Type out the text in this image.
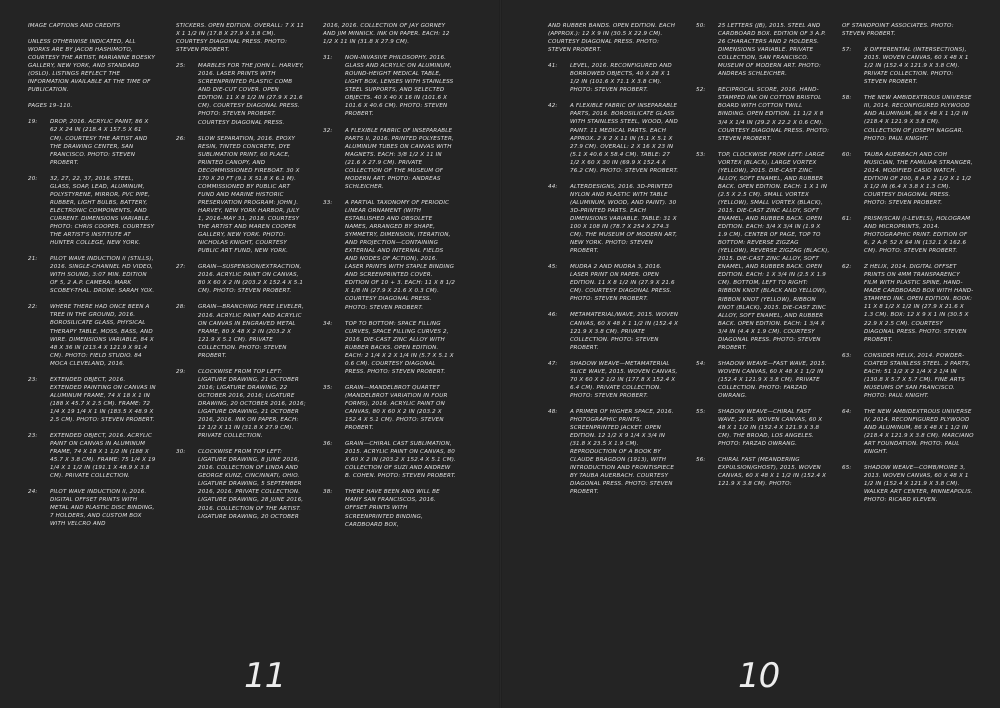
IMAGE CAPTIONS AND CREDITS
UNLESS OTHERWISE INDICATED, ALL WORKS ARE BY JACOB HASHIMOTO, COURTESY THE ARTIST, MARIANNE BOESKY GALLERY, NEW YORK, AND STANDARD (OSLO). LISTINGS REFLECT THE INFORMATION AVAILABLE AT THE TIME OF PUBLICATION.
PAGES 19–110.
19: DROP, 2016. ACRYLIC PAINT, 86 X 62 X 24 IN (218.4 X 157.5 X 61 CM). COURTESY THE ARTIST AND THE DRAWING CENTER, SAN FRANCISCO. PHOTO: STEVEN PROBERT.
20: 32, 27, 22, 37, 2016. STEEL, GLASS, SOAP, LEAD, ALUMINUM, POLYSTYRENE, MIRROR, PVC PIPE, RUBBER, LIGHT BULBS, BATTERY, ELECTRONIC COMPONENTS, AND CURRENT. DIMENSIONS VARIABLE. PHOTO: CHRIS COOPER. COURTESY THE ARTIST'S INSTITUTE AT HUNTER COLLEGE, NEW YORK.
21: PILOT WAVE INDUCTION II (STILLS), 2016. SINGLE-CHANNEL HD VIDEO, WITH SOUND, 3:07 MIN. EDITION OF 5, 2 A.P. CAMERA: MARK SCOBEY-THAL. DRONE: SARAH YOX.
22: WHERE THERE HAD ONCE BEEN A TREE IN THE GROUND, 2016. BOROSILICATE GLASS, PHYSICAL THERAPY TABLE, MOSS, BASS, AND WIRE. DIMENSIONS VARIABLE, 84 X 48 X 36 IN (213.4 X 121.9 X 91.4 CM). PHOTO: FIELD STUDIO. 84 MOCA CLEVELAND, 2016.
23: EXTENDED OBJECT, 2016. EXTENDED PAINTING ON CANVAS IN ALUMINUM FRAME, 74 X 18 X 1 IN (188 X 45.7 X 2.5 CM). FRAME: 72 1/4 X 19 1/4 X 1 IN (183.5 X 48.9 X 2.5 CM). PHOTO: STEVEN PROBERT.
23: EXTENDED OBJECT, 2016. ACRYLIC PAINT ON CANVAS IN ALUMINUM FRAME, 74 X 18 X 1 1/2 IN (188 X 45.7 X 3.8 CM). FRAME: 75 1/4 X 19 1/4 X 1 1/2 IN (191.1 X 48.9 X 3.8 CM). PRIVATE COLLECTION.
24: PILOT WAVE INDUCTION II, 2016. DIGITAL OFFSET PRINTS WITH METAL AND PLASTIC DISC BINDING, 7 HOLDERS, AND CUSTOM BOX WITH VELCRO AND
STICKERS. OPEN EDITION. OVERALL: 7 X 11 X 1 1/2 IN (17.8 X 27.9 X 3.8 CM). COURTESY DIAGONAL PRESS. PHOTO: STEVEN PROBERT.
25: MARBLES FOR THE JOHN L. HARVEY, 2016. LASER PRINTS WITH SCREENPRINTED PLASTIC COMB AND DIE-CUT COVER. OPEN EDITION. 11 X 8 1/2 IN (27.9 X 21.6 CM). COURTESY DIAGONAL PRESS. PHOTO: STEVEN PROBERT. COURTESY DIAGONAL PRESS.
26: SLOW SEPARATION, 2016. EPOXY RESIN, TINTED CONCRETE, DYE SUBLIMATION PRINT, 60 PLACE, PRINTED CANOPY, AND DECOMMISSIONED FIREBOAT. 30 X 170 X 20 FT (9.1 X 51.8 X 6.1 M). COMMISSIONED BY PUBLIC ART FUND AND MARINE HISTORIC PRESERVATION PROGRAM: JOHN J. HARVEY, NEW YORK HARBOR, JULY 1, 2016–MAY 31, 2018. COURTESY THE ARTIST AND MAREN COOPER GALLERY, NEW YORK. PHOTO: NICHOLAS KNIGHT, COURTESY PUBLIC ART FUND, NEW YORK.
27: GRAIN—SUSPENSION/EXTRACTION, 2016. ACRYLIC PAINT ON CANVAS, 80 X 60 X 2 IN (203.2 X 152.4 X 5.1 CM). PHOTO: STEVEN PROBERT.
28: GRAIN—BRANCHING FREE LEVELER, 2016. ACRYLIC PAINT AND ACRYLIC ON CANVAS IN ENGRAVED METAL FRAME, 80 X 48 X 2 IN (203.2 X 121.9 X 5.1 CM). PRIVATE COLLECTION. PHOTO: STEVEN PROBERT.
29: CLOCKWISE FROM TOP LEFT: LIGATURE DRAWING, 21 OCTOBER 2016; LIGATURE DRAWING, 22 OCTOBER 2016, 2016; LIGATURE DRAWING, 20 OCTOBER 2016, 2016; LIGATURE DRAWING, 21 OCTOBER 2016, 2016. INK ON PAPER, EACH: 12 1/2 X 11 IN (31.8 X 27.9 CM). PRIVATE COLLECTION.
30: CLOCKWISE FROM TOP LEFT: LIGATURE DRAWING, 8 JUNE 2016, 2016. COLLECTION OF LINDA AND GEORGE KUNZ, CINCINNATI, OHIO. LIGATURE DRAWING, 5 SEPTEMBER 2016, 2016. PRIVATE COLLECTION. LIGATURE DRAWING, 28 JUNE 2016, 2016. COLLECTION OF THE ARTIST. LIGATURE DRAWING, 20 OCTOBER
2016, 2016. COLLECTION OF JAY GORNEY AND JIM MINNICK. INK ON PAPER. EACH: 12 1/2 X 11 IN (31.8 X 27.9 CM).
31: NON-INVASIVE PHILOSOPHY, 2016. GLASS AND ACRYLIC ON ALUMINUM, ROUND-HEIGHT MEDICAL TABLE, LIGHT BOX, LENSES WITH STAINLESS STEEL SUPPORTS, AND SELECTED OBJECTS. 40 X 40 X 16 IN (101.6 X 101.6 X 40.6 CM). PHOTO: STEVEN PROBERT.
32: A FLEXIBLE FABRIC OF INSEPARABLE PARTS II, 2016. PRINTED POLYESTER, ALUMINUM TUBES ON CANVAS WITH MAGNETS. EACH: 3/8 1/2 X 11 IN (21.6 X 27.9 CM). PRIVATE COLLECTION OF THE MUSEUM OF MODERN ART. PHOTO: ANDREAS SCHLEICHER.
33: A PARTIAL TAXONOMY OF PERIODIC LINEAR ORNAMENT (WITH ESTABLISHED AND OBSOLETE NAMES, ARRANGED BY SHAPE, SYMMETRY, DIMENSION, ITERATION, AND PROJECTION—CONTAINING EXTERNAL AND INTERNAL FIELDS AND NODES OF ACTION), 2016. LASER PRINTS WITH STAPLE BINDING AND SCREENPRINTED COVER. EDITION OF 10 + 3. EACH: 11 X 8 1/2 X 1/8 IN (27.9 X 21.6 X 0.3 CM). COURTESY DIAGONAL PRESS. PHOTO: STEVEN PROBERT.
34: TOP TO BOTTOM: SPACE FILLING CURVES, SPACE FILLING CURVES 2, 2016. DIE-CAST ZINC ALLOY WITH RUBBER BACKS. OPEN EDITION. EACH: 2 1/4 X 2 X 1/4 IN (5.7 X 5.1 X 0.6 CM). COURTESY DIAGONAL PRESS. PHOTO: STEVEN PROBERT.
35: GRAIN—MANDELBROT QUARTET (MANDELBROT VARIATION IN FOUR FORMS), 2016. ACRYLIC PAINT ON CANVAS, 80 X 60 X 2 IN (203.2 X 152.4 X 5.1 CM). PHOTO: STEVEN PROBERT.
36: GRAIN—CHIRAL CAST SUBLIMATION, 2015. ACRYLIC PAINT ON CANVAS, 80 X 60 X 2 IN (203.2 X 152.4 X 5.1 CM). COLLECTION OF SUZI AND ANDREW B. COHEN. PHOTO: STEVEN PROBERT.
38: THERE HAVE BEEN AND WILL BE MANY SAN FRANCISCOS, 2016. OFFSET PRINTS WITH SCREENPRINTED BINDING, CARDBOARD BOX,
AND RUBBER BANDS. OPEN EDITION. EACH (APPROX.): 12 X 9 IN (30.5 X 22.9 CM). COURTESY DIAGONAL PRESS. PHOTO: STEVEN PROBERT.
41: LEVEL, 2016. RECONFIGURED AND BORROWED OBJECTS, 40 X 28 X 1 1/2 IN (101.6 X 71.1 X 3.8 CM). PHOTO: STEVEN PROBERT.
42: A FLEXIBLE FABRIC OF INSEPARABLE PARTS, 2016. BOROSILICATE GLASS WITH STAINLESS STEEL, WOOD, AND PAINT. 11 MEDICAL PARTS. EACH APPROX. 2 X 2 X 11 IN (5.1 X 5.1 X 27.9 CM). OVERALL: 2 X 16 X 23 IN (5.1 X 40.6 X 58.4 CM). TABLE: 27 1/2 X 60 X 30 IN (69.9 X 152.4 X 76.2 CM). PHOTO: STEVEN PROBERT.
44: ALTERDESIGNS, 2016. 3D-PRINTED NYLON AND PLASTIC WITH TABLE (ALUMINUM, WOOD, AND PAINT). 30 3D-PRINTED PARTS. EACH DIMENSIONS VARIABLE. TABLE: 31 X 100 X 108 IN (78.7 X 254 X 274.3 CM). THE MUSEUM OF MODERN ART, NEW YORK. PHOTO: STEVEN PROBERT.
45: MUDRA 2 AND MUDRA 3, 2016. LASER PRINT ON PAPER. OPEN EDITION. 11 X 8 1/2 IN (27.9 X 21.6 CM). COURTESY DIAGONAL PRESS. PHOTO: STEVEN PROBERT.
46: METAMATERIAL/WAVE, 2015. WOVEN CANVAS, 60 X 48 X 1 1/2 IN (152.4 X 121.9 X 3.8 CM). PRIVATE COLLECTION. PHOTO: STEVEN PROBERT.
47: SHADOW WEAVE—METAMATERIAL SLICE WAVE, 2015. WOVEN CANVAS, 70 X 60 X 2 1/2 IN (177.8 X 152.4 X 6.4 CM). PRIVATE COLLECTION. PHOTO: STEVEN PROBERT.
48: A PRIMER OF HIGHER SPACE, 2016. PHOTOGRAPHIC PRINTS, SCREENPRINTED JACKET. OPEN EDITION. 12 1/2 X 9 1/4 X 3/4 IN (31.8 X 23.5 X 1.9 CM). REPRODUCTION OF A BOOK BY CLAUDE BRAGDON (1913), WITH INTRODUCTION AND FRONTISPIECE BY TAUBA AUERBACH. COURTESY DIAGONAL PRESS. PHOTO: STEVEN PROBERT.
50: 25 LETTERS (JB), 2015. STEEL AND CARDBOARD BOX. EDITION OF 3 A.P. 26 CHARACTERS AND 2 HOLDERS. DIMENSIONS VARIABLE. PRIVATE COLLECTION, SAN FRANCISCO. MUSEUM OF MODERN ART. PHOTO: ANDREAS SCHLEICHER.
52: RECIPROCAL SCORE, 2016. HAND-STAMPED INK ON COTTON BRISTOL BOARD WITH COTTON TWILL BINDING. OPEN EDITION. 11 1/2 X 8 3/4 X 1/4 IN (29.2 X 22.2 X 0.6 CM). COURTESY DIAGONAL PRESS. PHOTO: STEVEN PROBERT.
53: TOP, CLOCKWISE FROM LEFT: LARGE VORTEX (BLACK), LARGE VORTEX (YELLOW), 2015. DIE-CAST ZINC ALLOY, SOFT ENAMEL, AND RUBBER BACK. OPEN EDITION. EACH: 1 X 1 IN (2.5 X 2.5 CM). SMALL VORTEX (YELLOW), SMALL VORTEX (BLACK), 2015. DIE-CAST ZINC ALLOY, SOFT ENAMEL, AND RUBBER BACK. OPEN EDITION. EACH: 3/4 X 3/4 IN (1.9 X 1.9 CM). CENTER OF PAGE, TOP TO BOTTOM: REVERSE ZIGZAG (YELLOW), REVERSE ZIGZAG (BLACK), 2015. DIE-CAST ZINC ALLOY, SOFT ENAMEL, AND RUBBER BACK. OPEN EDITION. EACH: 1 X 3/4 IN (2.5 X 1.9 CM). BOTTOM, LEFT TO RIGHT: RIBBON KNOT (BLACK AND YELLOW), RIBBON KNOT (YELLOW), RIBBON KNOT (BLACK), 2015. DIE-CAST ZINC ALLOY, SOFT ENAMEL, AND RUBBER BACK. OPEN EDITION. EACH: 1 3/4 X 3/4 IN (4.4 X 1.9 CM). COURTESY DIAGONAL PRESS. PHOTO: STEVEN PROBERT.
54: SHADOW WEAVE—FAST WAVE, 2015. WOVEN CANVAS, 60 X 48 X 1 1/2 IN (152.4 X 121.9 X 3.8 CM). PRIVATE COLLECTION. PHOTO: FARZAD OWRANG.
55: SHADOW WEAVE—CHIRAL FAST WAVE, 2015. WOVEN CANVAS, 60 X 48 X 1 1/2 IN (152.4 X 121.9 X 3.8 CM). THE BROAD, LOS ANGELES. PHOTO: FARZAD OWRANG.
56: CHIRAL FAST (MEANDERING EXPULSION/GHOST), 2015. WOVEN CANVAS, 60 X 48 X 1 1/2 IN (152.4 X 121.9 X 3.8 CM). PHOTO:
OF STANDPOINT ASSOCIATES. PHOTO: STEVEN PROBERT.
57: X DIFFERENTIAL (INTERSECTIONS), 2015. WOVEN CANVAS, 60 X 48 X 1 1/2 IN (152.4 X 121.9 X 3.8 CM). PRIVATE COLLECTION. PHOTO: STEVEN PROBERT.
58: THE NEW AMBIDEXTROUS UNIVERSE III, 2014. RECONFIGURED PLYWOOD AND ALUMINUM, 86 X 48 X 1 1/2 IN (218.4 X 121.9 X 3.8 CM). COLLECTION OF JOSEPH NAGGAR. PHOTO: PAUL KNIGHT.
60: TAUBA AUERBACH AND COH MUSICIAN, THE FAMILIAR STRANGER, 2014. MODIFIED CASIO WATCH. EDITION OF 200, 8 A.P. 2 1/2 X 1 1/2 X 1/2 IN (6.4 X 3.8 X 1.3 CM). COURTESY DIAGONAL PRESS. PHOTO: STEVEN PROBERT.
61: PRISM/SCAN (I-LEVELS), HOLOGRAM AND MICROPRINTS, 2014. PHOTOGRAPHIC PRINT. EDITION OF 6, 2 A.P. 52 X 64 IN (132.1 X 162.6 CM). PHOTO: STEVEN PROBERT.
62: Z HELIX, 2014. DIGITAL OFFSET PRINTS ON 4MM TRANSPARENCY FILM WITH PLASTIC SPINE, HAND-MADE CARDBOARD BOX WITH HAND-STAMPED INK. OPEN EDITION. BOOK: 11 X 8 1/2 X 1/2 IN (27.9 X 21.6 X 1.3 CM). BOX: 12 X 9 X 1 IN (30.5 X 22.9 X 2.5 CM). COURTESY DIAGONAL PRESS. PHOTO: STEVEN PROBERT.
63: CONSIDER HELIX, 2014. POWDER-COATED STAINLESS STEEL. 2 PARTS, EACH: 51 1/2 X 2 1/4 X 2 1/4 IN (130.8 X 5.7 X 5.7 CM). FINE ARTS MUSEUMS OF SAN FRANCISCO. PHOTO: PAUL KNIGHT.
64: THE NEW AMBIDEXTROUS UNIVERSE IV, 2014. RECONFIGURED PLYWOOD AND ALUMINUM, 86 X 48 X 1 1/2 IN (218.4 X 121.9 X 3.8 CM). MARCIANO ART FOUNDATION. PHOTO: PAUL KNIGHT.
65: SHADOW WEAVE—COMB/MOIRE 3, 2013. WOVEN CANVAS, 60 X 48 X 1 1/2 IN (152.4 X 121.9 X 3.8 CM). WALKER ART CENTER, MINNEAPOLIS. PHOTO: RICARD KLEVEN.
11	10
